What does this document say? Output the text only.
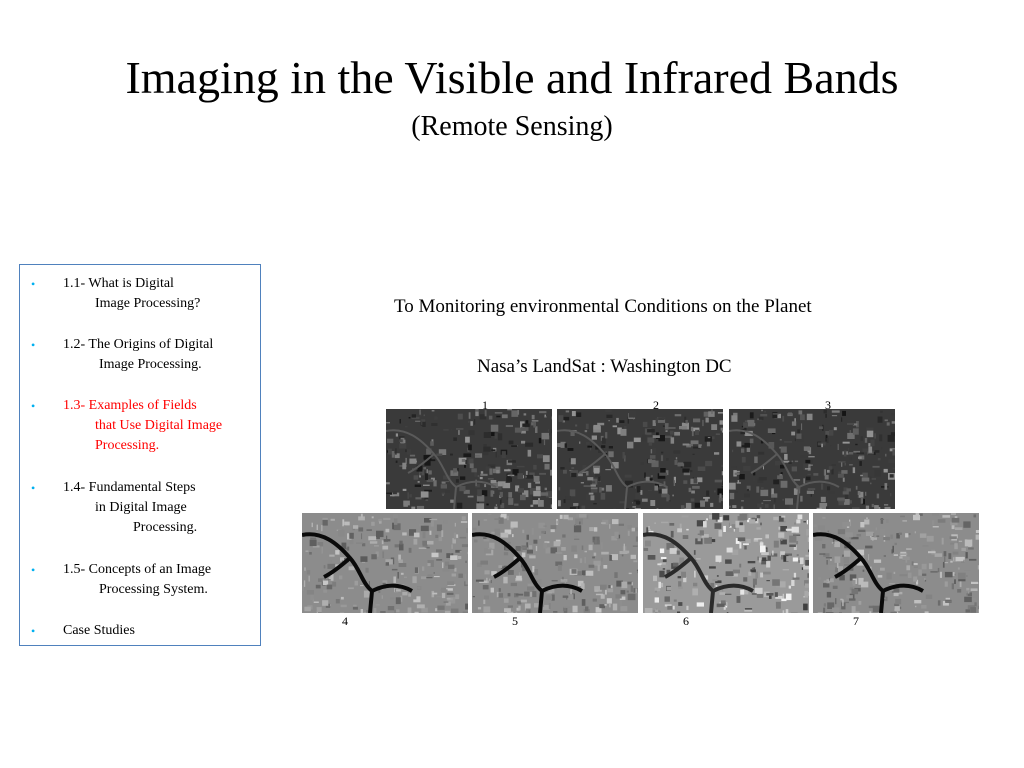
Imaging in the Visible and Infrared Bands
(Remote Sensing)
• 1.1- What is Digital
Image Processing?
• 1.2- The Origins of Digital
Image Processing.
• 1.3- Examples of Fields
that Use Digital Image
Processing.
• 1.4- Fundamental Steps
in Digital Image
Processing.
• 1.5- Concepts of an Image
Processing System.
• Case Studies
To Monitoring environmental Conditions on the Planet
Nasa’s LandSat : Washington DC
1	2	3
4	5	6	7
